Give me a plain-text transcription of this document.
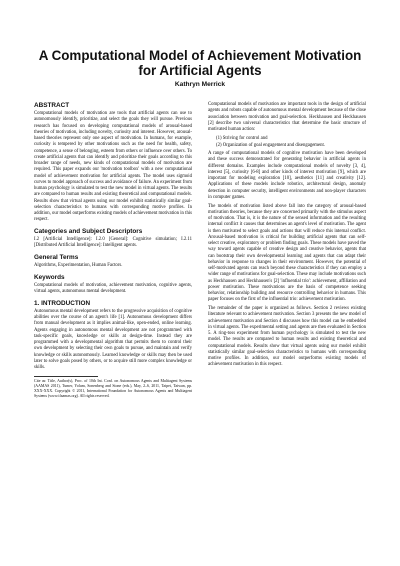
A Computational Model of Achievement Motivation for Artificial Agents
Kathryn Merrick
ABSTRACT

Computational models of motivation are tools that artificial agents can use to autonomously identify, prioritize, and select the goals they will pursue. Previous research has focused on developing computational models of arousal-based theories of motivation, including novelty, curiosity and interest. However, arousal-based theories represent only one aspect of motivation. In humans, for example, curiosity is tempered by other motivations such as the need for health, safety, competence, a sense of belonging, esteem from others or influence over others. To create artificial agents that can identify and prioritize their goals according to this broader range of needs, new kinds of computational models of motivation are required. This paper expands our 'motivation toolbox' with a new computational model of achievement motivation for artificial agents. The model uses sigmoid curves to model approach of success and avoidance of failure. An experiment from human psychology is simulated to test the new model in virtual agents. The results are compared to human results and existing theoretical and computational models. Results show that virtual agents using our model exhibit statistically similar goal-selection characteristics to humans with corresponding motive profiles. In addition, our model outperforms existing models of achievement motivation in this respect.

Categories and Subject Descriptors

I.2 [Artificial Intelligence]: I.2.0 [General]: Cognitive simulation; I.2.11 [Distributed Artificial Intelligence]: Intelligent agents.

General Terms

Algorithms, Experimentation, Human Factors.

Keywords

Computational models of motivation, achievement motivation, cognitive agents, virtual agents, autonomous mental development.

1. INTRODUCTION

Autonomous mental development refers to the progressive acquisition of cognitive abilities over the course of an agent's life [1]. Autonomous development differs from manual development as it implies animal-like, open-ended, online learning. Agents engaging in autonomous mental development are not programmed with task-specific goals, knowledge or skills at design-time. Instead they are programmed with a developmental algorithm that permits them to control their own development by selecting their own goals to pursue, and maintain and verify knowledge or skills autonomously. Learned knowledge or skills may then be used later to solve goals posed by others, or to acquire still more complex knowledge or skills.

Cite as: Title, Author(s), Proc. of 10th Int. Conf. on Autonomous Agents and Multiagent Systems (AAMAS 2011), Tumer, Yolum, Sonenberg and Stone (eds.), May, 2–6, 2011, Taipei, Taiwan, pp. XXX-XXX. Copyright © 2011, International Foundation for Autonomous Agents and Multiagent Systems (www.ifaamas.org). All rights reserved.

Computational models of motivation are important tools in the design of artificial agents and robots capable of autonomous mental development because of the close association between motivation and goal-selection. Heckhausen and Heckhausen [2] describe two universal characteristics that determine the basic structure of motivated human action:

(1) Striving for control and
(2) Organization of goal engagement and disengagement.

A range of computational models of cognitive motivation have been developed and these success demonstrated for generating behavior in artificial agents in different domains. Examples include computational models of novelty [3, 4], interest [5], curiosity [6-8] and other kinds of interest motivation [9], which are important for modeling exploration [10], aesthetics [11] and creativity [12]. Applications of these models include robotics, architectural design, anomaly detection in computer security, intelligent environments and non-player characters in computer games.

The models of motivation listed above fall into the category of arousal-based motivation theories, because they are concerned primarily with the stimulus aspect of motivation. That is, it is the nature of the sensed information and the resulting internal conflict it causes that determines an agent's level of motivation. The agent is then motivated to select goals and actions that will reduce this internal conflict. Arousal-based motivation is critical for building artificial agents that can self-select creative, exploratory or problem finding goals. These models have paved the way toward agents capable of creative design and creative behavior, agents that can bootstrap their own developmental learning and agents that can adapt their behavior in response to changes in their environment. However, the potential of self-motivated agents can reach beyond these characteristics if they can employ a wider range of motivations for goal-selection. These may include motivations such as Heckhausen and Heckhausen's [2] 'influential trio': achievement, affiliation and power motivation. These motivations are the basis of competence seeking behavior, relationship building and resource controlling behavior in humans. This paper focuses on the first of the influential trio: achievement motivation.

The remainder of the paper is organized as follows. Section 2 reviews existing literature relevant to achievement motivation. Section 3 presents the new model of achievement motivation and Section 4 discusses how this model can be embedded in virtual agents. The experimental setting and agents are then evaluated in Section 5. A ring-toss experiment from human psychology is simulated to test the new model. The results are compared to human results and existing theoretical and computational models. Results show that virtual agents using our model exhibit statistically similar goal-selection characteristics to humans with corresponding motive profiles. In addition, our model outperforms existing models of achievement motivation in this respect.
